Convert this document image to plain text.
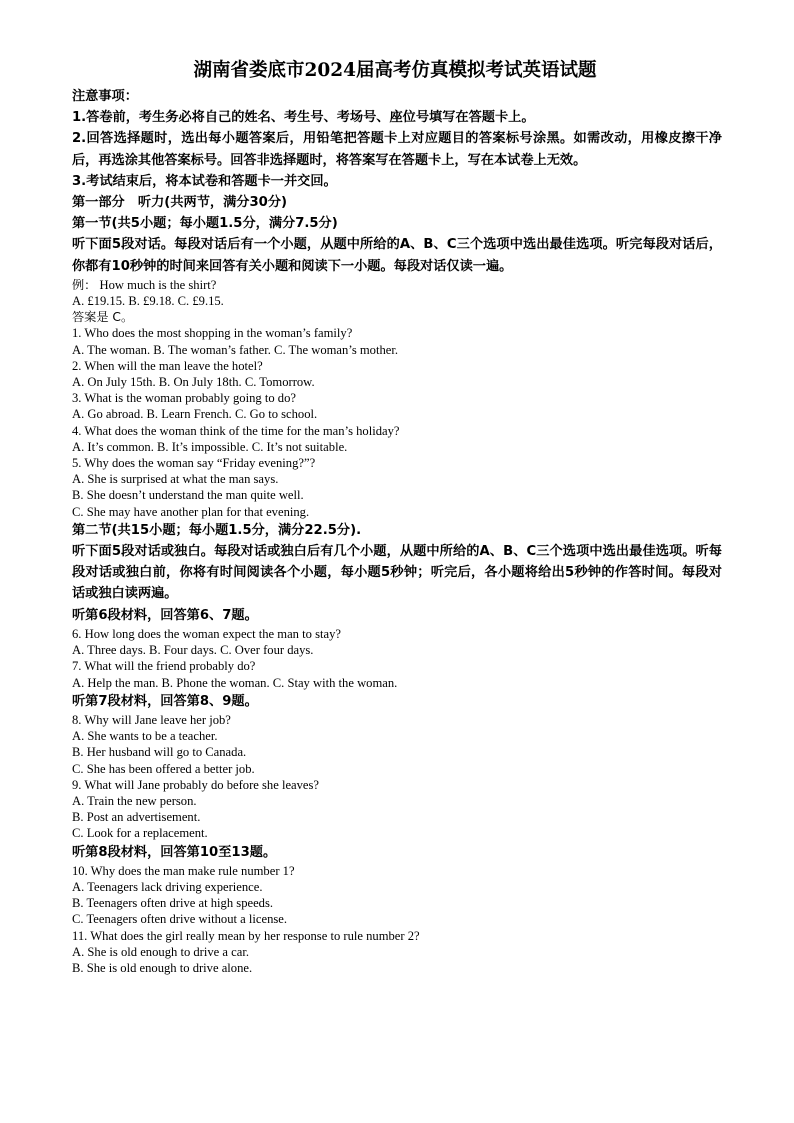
湖南省娄底市2024届高考仿真模拟考试英语试题
注意事项：
1.答卷前，考生务必将自己的姓名、考生号、考场号、座位号填写在答题卡上。
2.回答选择题时，选出每小题答案后，用铅笔把答题卡上对应题目的答案标号涂黑。如需改动，用橡皮擦干净后，再选涂其他答案标号。回答非选择题时，将答案写在答题卡上，写在本试卷上无效。
3.考试结束后，将本试卷和答题卡一并交回。
第一部分　听力(共两节，满分30分)
第一节(共5小题；每小题1.5分，满分7.5分)
听下面5段对话。每段对话后有一个小题，从题中所给的A、B、C三个选项中选出最佳选项。听完每段对话后，你都有10秒钟的时间来回答有关小题和阅读下一小题。每段对话仅读一遍。
例： How much is the shirt?
A. £19.15. B. £9.18. C. £9.15.
答案是 C。
1. Who does the most shopping in the woman’s family?
A. The woman. B. The woman’s father. C. The woman’s mother.
2. When will the man leave the hotel?
A. On July 15th. B. On July 18th. C. Tomorrow.
3. What is the woman probably going to do?
A. Go abroad. B. Learn French. C. Go to school.
4. What does the woman think of the time for the man’s holiday?
A. It’s common. B. It’s impossible. C. It’s not suitable.
5. Why does the woman say “Friday evening?”?
A. She is surprised at what the man says.
B. She doesn’t understand the man quite well.
C. She may have another plan for that evening.
第二节(共15小题；每小题1.5分，满分22.5分).
听下面5段对话或独白。每段对话或独白后有几个小题，从题中所给的A、B、C三个选项中选出最佳选项。听每段对话或独白前，你将有时间阅读各个小题，每小题5秒钟；听完后，各小题将给出5秒钟的作答时间。每段对话或独白读两遍。
听第6段材料，回答第6、7题。
6. How long does the woman expect the man to stay?
A. Three days. B. Four days. C. Over four days.
7. What will the friend probably do?
A. Help the man. B. Phone the woman. C. Stay with the woman.
听第7段材料，回答第8、9题。
8. Why will Jane leave her job?
A. She wants to be a teacher.
B. Her husband will go to Canada.
C. She has been offered a better job.
9. What will Jane probably do before she leaves?
A. Train the new person.
B. Post an advertisement.
C. Look for a replacement.
听第8段材料，回答第10至13题。
10. Why does the man make rule number 1?
A. Teenagers lack driving experience.
B. Teenagers often drive at high speeds.
C. Teenagers often drive without a license.
11. What does the girl really mean by her response to rule number 2?
A. She is old enough to drive a car.
B. She is old enough to drive alone.
